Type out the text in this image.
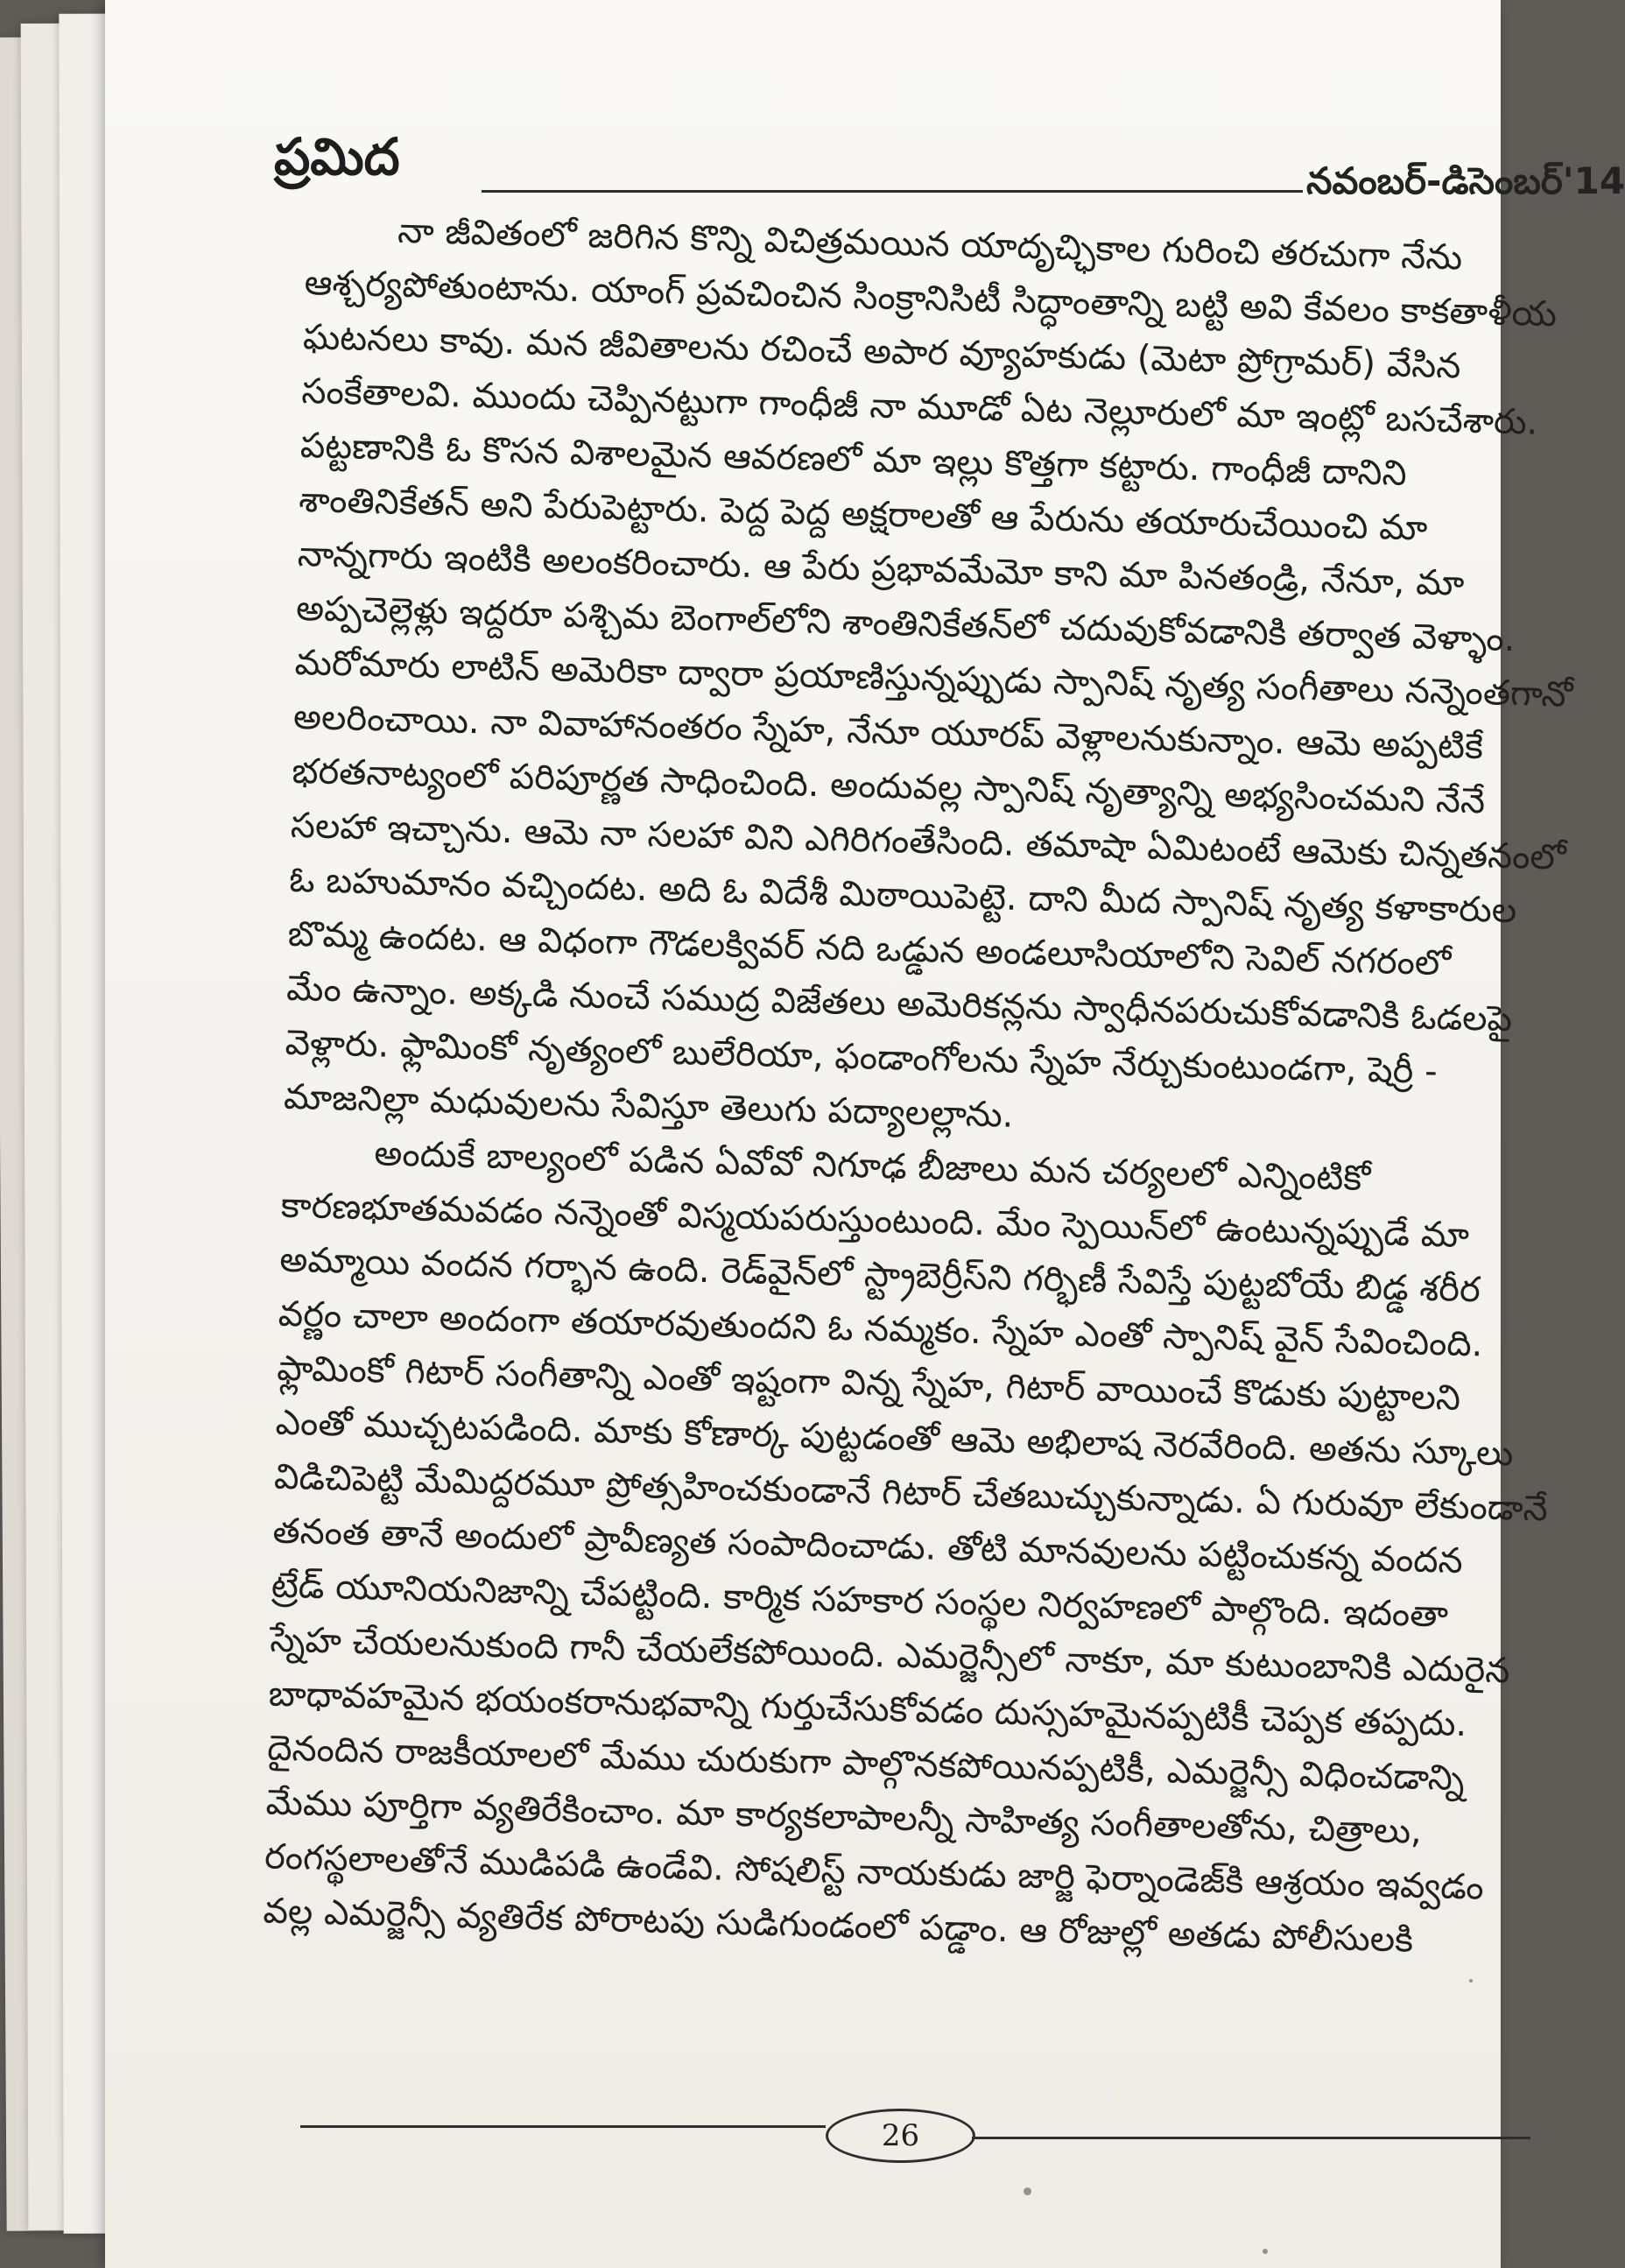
ప్రమిద	నవంబర్-డిసెంబర్'14
నా జీవితంలో జరిగిన కొన్ని విచిత్రమయిన యాదృచ్ఛికాల గురించి తరచుగా నేను
ఆశ్చర్యపోతుంటాను. యాంగ్ ప్రవచించిన సింక్రానిసిటీ సిద్ధాంతాన్ని బట్టి అవి కేవలం కాకతాళీయ
ఘటనలు కావు. మన జీవితాలను రచించే అపార వ్యూహకుడు (మెటా ప్రోగ్రామర్) వేసిన
సంకేతాలవి. ముందు చెప్పినట్టుగా గాంధీజీ నా మూడో ఏట నెల్లూరులో మా ఇంట్లో బసచేశారు.
పట్టణానికి ఓ కొసన విశాలమైన ఆవరణలో మా ఇల్లు కొత్తగా కట్టారు. గాంధీజీ దానిని
శాంతినికేతన్ అని పేరుపెట్టారు. పెద్ద పెద్ద అక్షరాలతో ఆ పేరును తయారుచేయించి మా
నాన్నగారు ఇంటికి అలంకరించారు. ఆ పేరు ప్రభావమేమో కాని మా పినతండ్రి, నేనూ, మా
అప్పచెల్లెళ్లు ఇద్దరూ పశ్చిమ బెంగాల్‌లోని శాంతినికేతన్‌లో చదువుకోవడానికి తర్వాత వెళ్ళాం.
మరోమారు లాటిన్ అమెరికా ద్వారా ప్రయాణిస్తున్నప్పుడు స్పానిష్ నృత్య సంగీతాలు నన్నెంతగానో
అలరించాయి. నా వివాహానంతరం స్నేహ, నేనూ యూరప్ వెళ్లాలనుకున్నాం. ఆమె అప్పటికే
భరతనాట్యంలో పరిపూర్ణత సాధించింది. అందువల్ల స్పానిష్ నృత్యాన్ని అభ్యసించమని నేనే
సలహా ఇచ్చాను. ఆమె నా సలహా విని ఎగిరిగంతేసింది. తమాషా ఏమిటంటే ఆమెకు చిన్నతనంలో
ఓ బహుమానం వచ్చిందట. అది ఓ విదేశీ మిఠాయిపెట్టె. దాని మీద స్పానిష్ నృత్య కళాకారుల
బొమ్మ ఉందట. ఆ విధంగా గౌడలక్వివర్ నది ఒడ్డున అండలూసియాలోని సెవిల్ నగరంలో
మేం ఉన్నాం. అక్కడి నుంచే సముద్ర విజేతలు అమెరికన్లను స్వాధీనపరుచుకోవడానికి ఓడలపై
వెళ్లారు. ఫ్లామింకో నృత్యంలో బులేరియా, ఫండాంగోలను స్నేహ నేర్చుకుంటుండగా, షెర్రీ -
మాజనిల్లా మధువులను సేవిస్తూ తెలుగు పద్యాలల్లాను.
అందుకే బాల్యంలో పడిన ఏవోవో నిగూఢ బీజాలు మన చర్యలలో ఎన్నింటికో
కారణభూతమవడం నన్నెంతో విస్మయపరుస్తుంటుంది. మేం స్పెయిన్‌లో ఉంటున్నప్పుడే మా
అమ్మాయి వందన గర్భాన ఉంది. రెడ్‌వైన్‌లో స్ట్రాబెర్రీస్‌ని గర్భిణీ సేవిస్తే పుట్టబోయే బిడ్డ శరీర
వర్ణం చాలా అందంగా తయారవుతుందని ఓ నమ్మకం. స్నేహ ఎంతో స్పానిష్ వైన్ సేవించింది.
ఫ్లామింకో గిటార్ సంగీతాన్ని ఎంతో ఇష్టంగా విన్న స్నేహ, గిటార్ వాయించే కొడుకు పుట్టాలని
ఎంతో ముచ్చటపడింది. మాకు కోణార్క పుట్టడంతో ఆమె అభిలాష నెరవేరింది. అతను స్కూలు
విడిచిపెట్టి మేమిద్దరమూ ప్రోత్సహించకుండానే గిటార్ చేతబుచ్చుకున్నాడు. ఏ గురువూ లేకుండానే
తనంత తానే అందులో ప్రావీణ్యత సంపాదించాడు. తోటి మానవులను పట్టించుకన్న వందన
ట్రేడ్ యూనియనిజాన్ని చేపట్టింది. కార్మిక సహకార సంస్థల నిర్వహణలో పాల్గొంది. ఇదంతా
స్నేహ చేయలనుకుంది గానీ చేయలేకపోయింది. ఎమర్జెన్సీలో నాకూ, మా కుటుంబానికి ఎదురైన
బాధావహమైన భయంకరానుభవాన్ని గుర్తుచేసుకోవడం దుస్సహమైనప్పటికీ చెప్పక తప్పదు.
దైనందిన రాజకీయాలలో మేము చురుకుగా పాల్గొనకపోయినప్పటికీ, ఎమర్జెన్సీ విధించడాన్ని
మేము పూర్తిగా వ్యతిరేకించాం. మా కార్యకలాపాలన్నీ సాహిత్య సంగీతాలతోను, చిత్రాలు,
రంగస్థలాలతోనే ముడిపడి ఉండేవి. సోషలిస్ట్ నాయకుడు జార్జి ఫెర్నాండెజ్‌కి ఆశ్రయం ఇవ్వడం
వల్ల ఎమర్జెన్సీ వ్యతిరేక పోరాటపు సుడిగుండంలో పడ్డాం. ఆ రోజుల్లో అతడు పోలీసులకి
26
